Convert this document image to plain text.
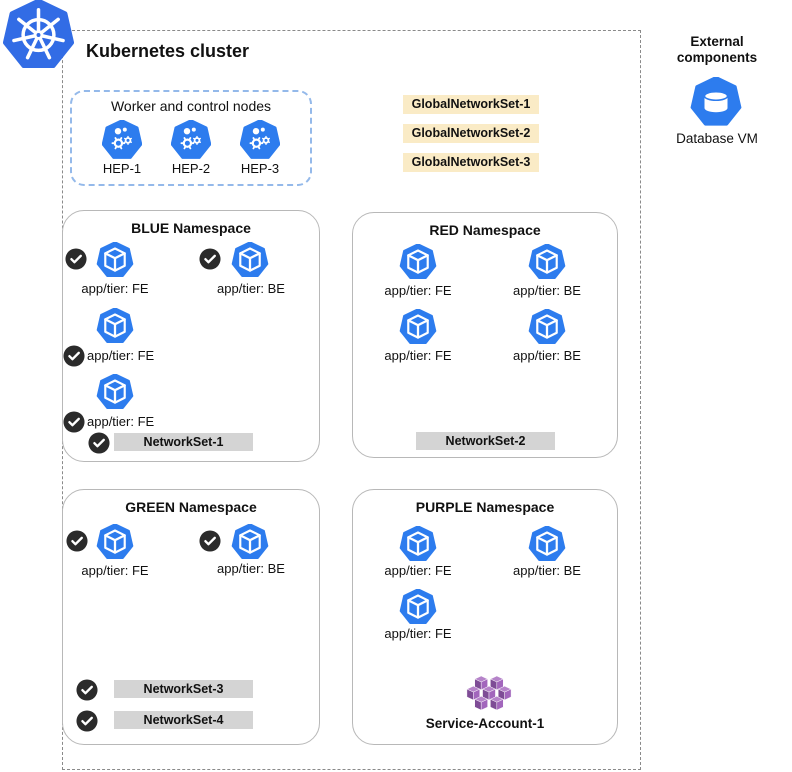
Kubernetes cluster
Worker and control nodes
HEP-1 HEP-2 HEP-3
GlobalNetworkSet-1
GlobalNetworkSet-2
GlobalNetworkSet-3
BLUE Namespace
app/tier: FE	app/tier: BE
app/tier: FE
app/tier: FE
NetworkSet-1
RED Namespace
app/tier: FE	app/tier: BE
app/tier: FE	app/tier: BE
NetworkSet-2
GREEN Namespace
app/tier: FE	app/tier: BE
NetworkSet-3
NetworkSet-4
PURPLE Namespace
app/tier: FE	app/tier: BE
app/tier: FE
Service-Account-1
External components
Database VM
